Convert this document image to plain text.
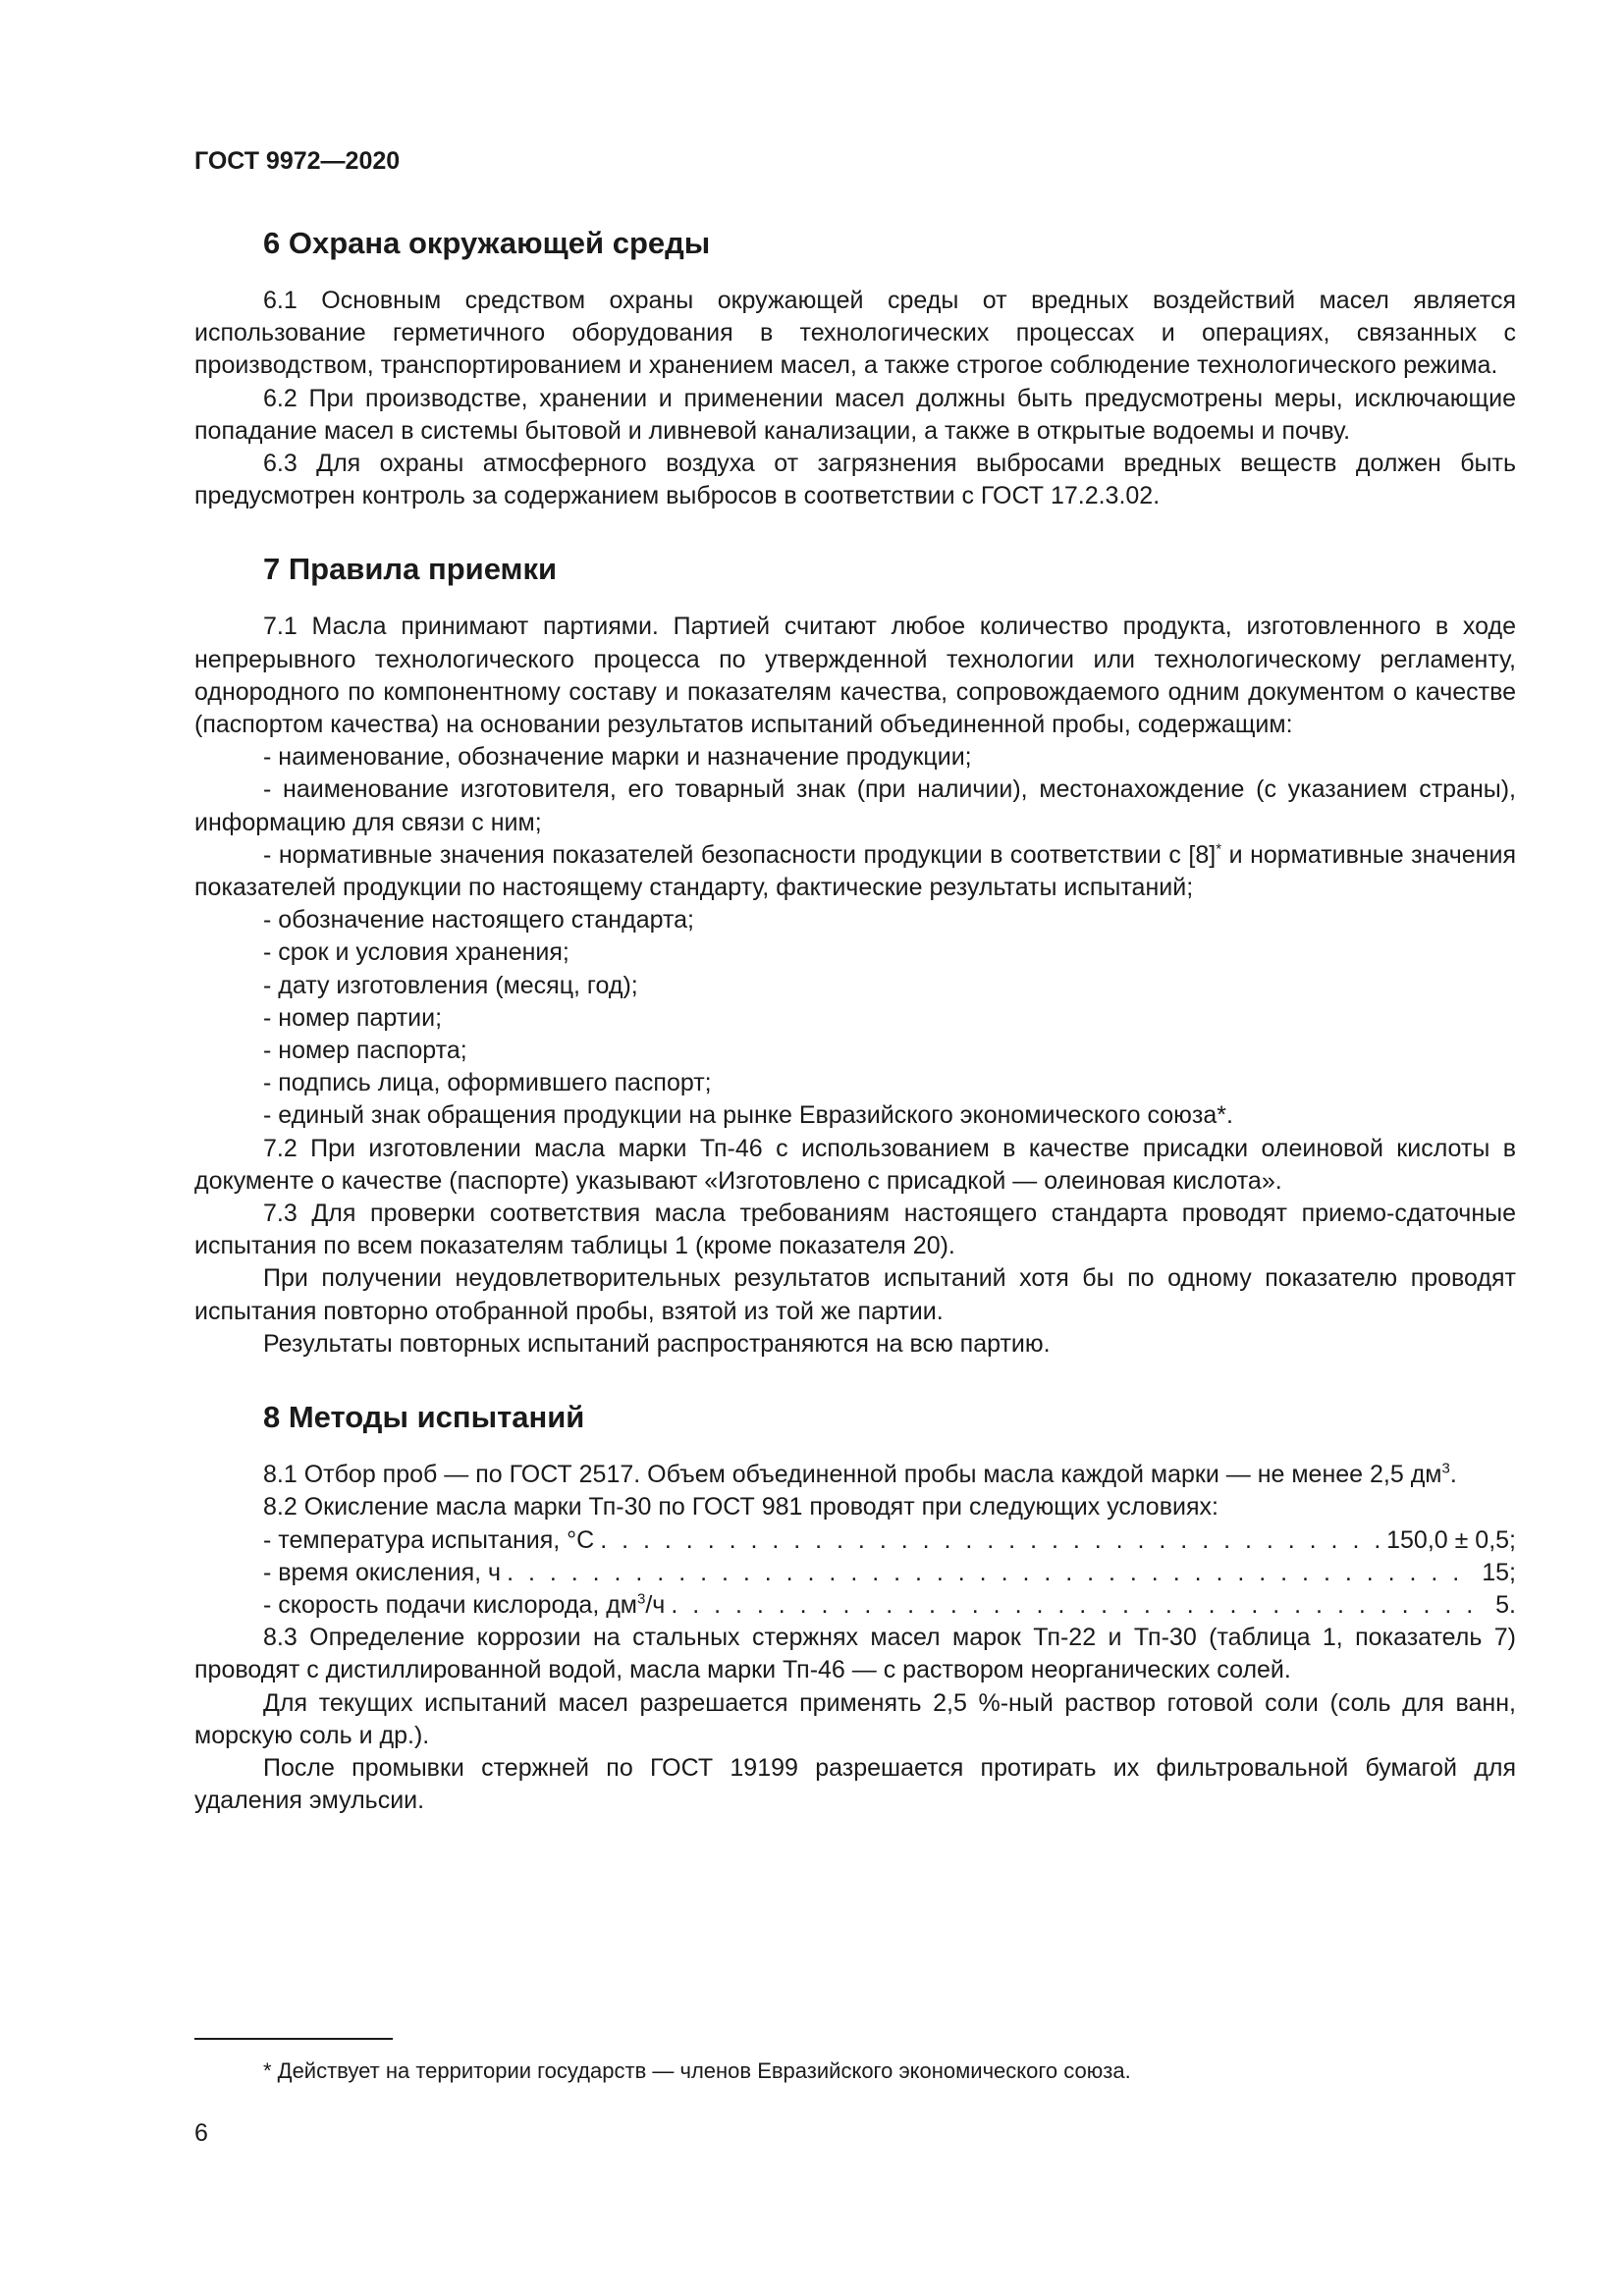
ГОСТ 9972—2020
6 Охрана окружающей среды

6.1 Основным средством охраны окружающей среды от вредных воздействий масел является использование герметичного оборудования в технологических процессах и операциях, связанных с производством, транспортированием и хранением масел, а также строгое соблюдение технологического режима.

6.2 При производстве, хранении и применении масел должны быть предусмотрены меры, исключающие попадание масел в системы бытовой и ливневой канализации, а также в открытые водоемы и почву.

6.3 Для охраны атмосферного воздуха от загрязнения выбросами вредных веществ должен быть предусмотрен контроль за содержанием выбросов в соответствии с ГОСТ 17.2.3.02.

7 Правила приемки

7.1 Масла принимают партиями. Партией считают любое количество продукта, изготовленного в ходе непрерывного технологического процесса по утвержденной технологии или технологическому регламенту, однородного по компонентному составу и показателям качества, сопровождаемого одним документом о качестве (паспортом качества) на основании результатов испытаний объединенной пробы, содержащим:

- наименование, обозначение марки и назначение продукции;

- наименование изготовителя, его товарный знак (при наличии), местонахождение (с указанием страны), информацию для связи с ним;

- нормативные значения показателей безопасности продукции в соответствии с [8]* и нормативные значения показателей продукции по настоящему стандарту, фактические результаты испытаний;

- обозначение настоящего стандарта;

- срок и условия хранения;

- дату изготовления (месяц, год);

- номер партии;

- номер паспорта;

- подпись лица, оформившего паспорт;

- единый знак обращения продукции на рынке Евразийского экономического союза*.

7.2 При изготовлении масла марки Тп-46 с использованием в качестве присадки олеиновой кислоты в документе о качестве (паспорте) указывают «Изготовлено с присадкой — олеиновая кислота».

7.3 Для проверки соответствия масла требованиям настоящего стандарта проводят приемо-сдаточные испытания по всем показателям таблицы 1 (кроме показателя 20).

При получении неудовлетворительных результатов испытаний хотя бы по одному показателю проводят испытания повторно отобранной пробы, взятой из той же партии.

Результаты повторных испытаний распространяются на всю партию.

8 Методы испытаний

8.1 Отбор проб — по ГОСТ 2517. Объем объединенной пробы масла каждой марки — не менее 2,5 $дм^3$.

8.2 Окисление масла марки Тп-30 по ГОСТ 981 проводят при следующих условиях:

- температура испытания, °С . . .	150,0 ± 0,5;
- время окисления, ч . . .	15;
- скорость подачи кислорода, $дм^3/ч$ . . .	5.

8.3 Определение коррозии на стальных стержнях масел марок Тп-22 и Тп-30 (таблица 1, показатель 7) проводят с дистиллированной водой, масла марки Тп-46 — с раствором неорганических солей.

Для текущих испытаний масел разрешается применять 2,5 %-ный раствор готовой соли (соль для ванн, морскую соль и др.).

После промывки стержней по ГОСТ 19199 разрешается протирать их фильтровальной бумагой для удаления эмульсии.

* Действует на территории государств — членов Евразийского экономического союза.
6
